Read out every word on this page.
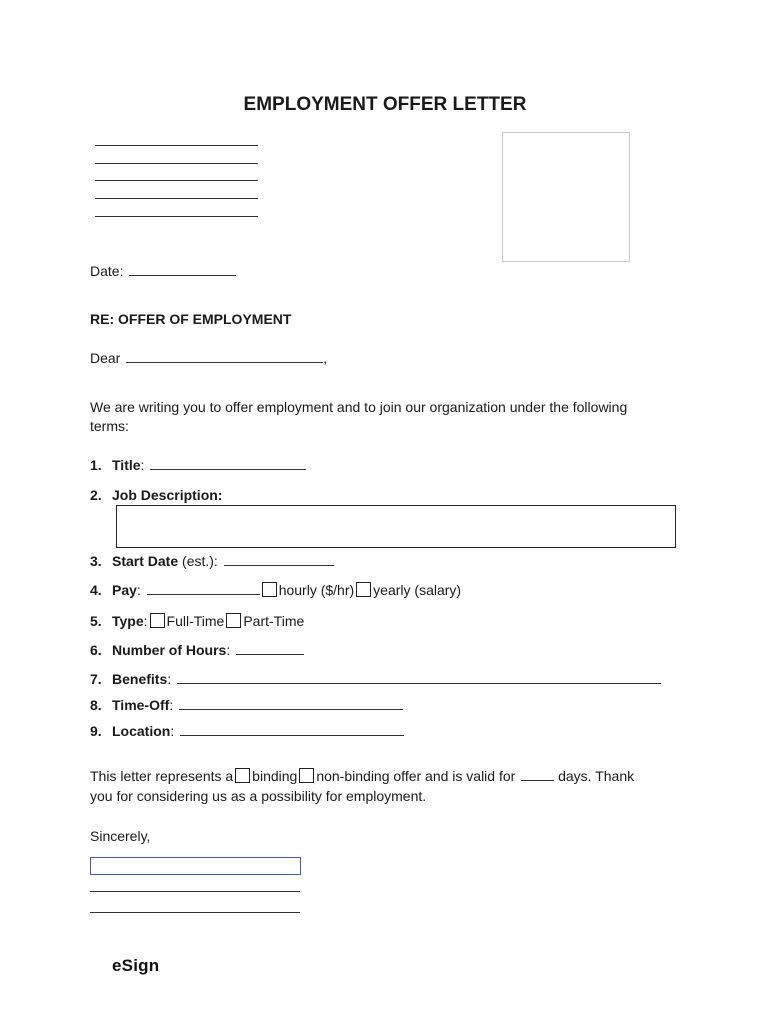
EMPLOYMENT OFFER LETTER
Date:
RE: OFFER OF EMPLOYMENT
Dear	,
We are writing you to offer employment and to join our organization under the following
terms:
1. Title:
2. Job Description:
3. Start Date (est.):
4. Pay:	hourly ($/hr) yearly (salary)
5. Type: Full-Time Part-Time
6. Number of Hours:
7. Benefits:
8. Time-Off:
9. Location:
This letter represents a binding non-binding offer and is valid for	days. Thank
you for considering us as a possibility for employment.
Sincerely,
eSign
